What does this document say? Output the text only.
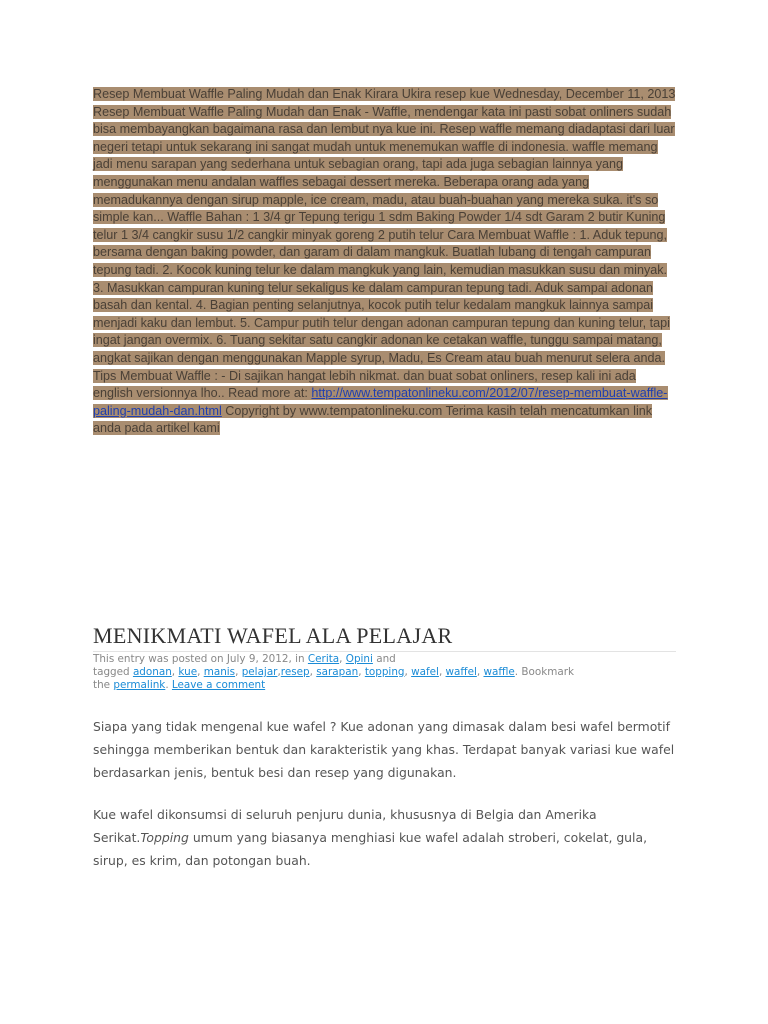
Resep Membuat Waffle Paling Mudah dan Enak Kirara Ukira resep kue Wednesday, December 11, 2013 Resep Membuat Waffle Paling Mudah dan Enak - Waffle, mendengar kata ini pasti sobat onliners sudah bisa membayangkan bagaimana rasa dan lembut nya kue ini. Resep waffle memang diadaptasi dari luar negeri tetapi untuk sekarang ini sangat mudah untuk menemukan waffle di indonesia. waffle memang jadi menu sarapan yang sederhana untuk sebagian orang, tapi ada juga sebagian lainnya yang menggunakan menu andalan waffles sebagai dessert mereka. Beberapa orang ada yang memadukannya dengan sirup mapple, ice cream, madu, atau buah-buahan yang mereka suka. it's so simple kan... Waffle Bahan : 1 3/4 gr Tepung terigu 1 sdm Baking Powder 1/4 sdt Garam 2 butir Kuning telur 1 3/4 cangkir susu 1/2 cangkir minyak goreng 2 putih telur Cara Membuat Waffle : 1. Aduk tepung, bersama dengan baking powder, dan garam di dalam mangkuk. Buatlah lubang di tengah campuran tepung tadi. 2. Kocok kuning telur ke dalam mangkuk yang lain, kemudian masukkan susu dan minyak. 3. Masukkan campuran kuning telur sekaligus ke dalam campuran tepung tadi. Aduk sampai adonan basah dan kental. 4. Bagian penting selanjutnya, kocok putih telur kedalam mangkuk lainnya sampai menjadi kaku dan lembut. 5. Campur putih telur dengan adonan campuran tepung dan kuning telur, tapi ingat jangan overmix. 6. Tuang sekitar satu cangkir adonan ke cetakan waffle, tunggu sampai matang, angkat sajikan dengan menggunakan Mapple syrup, Madu, Es Cream atau buah menurut selera anda. Tips Membuat Waffle : - Di sajikan hangat lebih nikmat. dan buat sobat onliners, resep kali ini ada english versionnya lho.. Read more at: http://www.tempatonlineku.com/2012/07/resep-membuat-waffle-paling-mudah-dan.html Copyright by www.tempatonlineku.com Terima kasih telah mencatumkan link anda pada artikel kami
MENIKMATI WAFEL ALA PELAJAR
This entry was posted on July 9, 2012, in Cerita, Opini and
tagged adonan, kue, manis, pelajar,resep, sarapan, topping, wafel, waffel, waffle. Bookmark
the permalink. Leave a comment

Siapa yang tidak mengenal kue wafel ? Kue adonan yang dimasak dalam besi wafel bermotif sehingga memberikan bentuk dan karakteristik yang khas. Terdapat banyak variasi kue wafel berdasarkan jenis, bentuk besi dan resep yang digunakan.

Kue wafel dikonsumsi di seluruh penjuru dunia, khususnya di Belgia dan Amerika Serikat.Topping umum yang biasanya menghiasi kue wafel adalah stroberi, cokelat, gula, sirup, es krim, dan potongan buah.
